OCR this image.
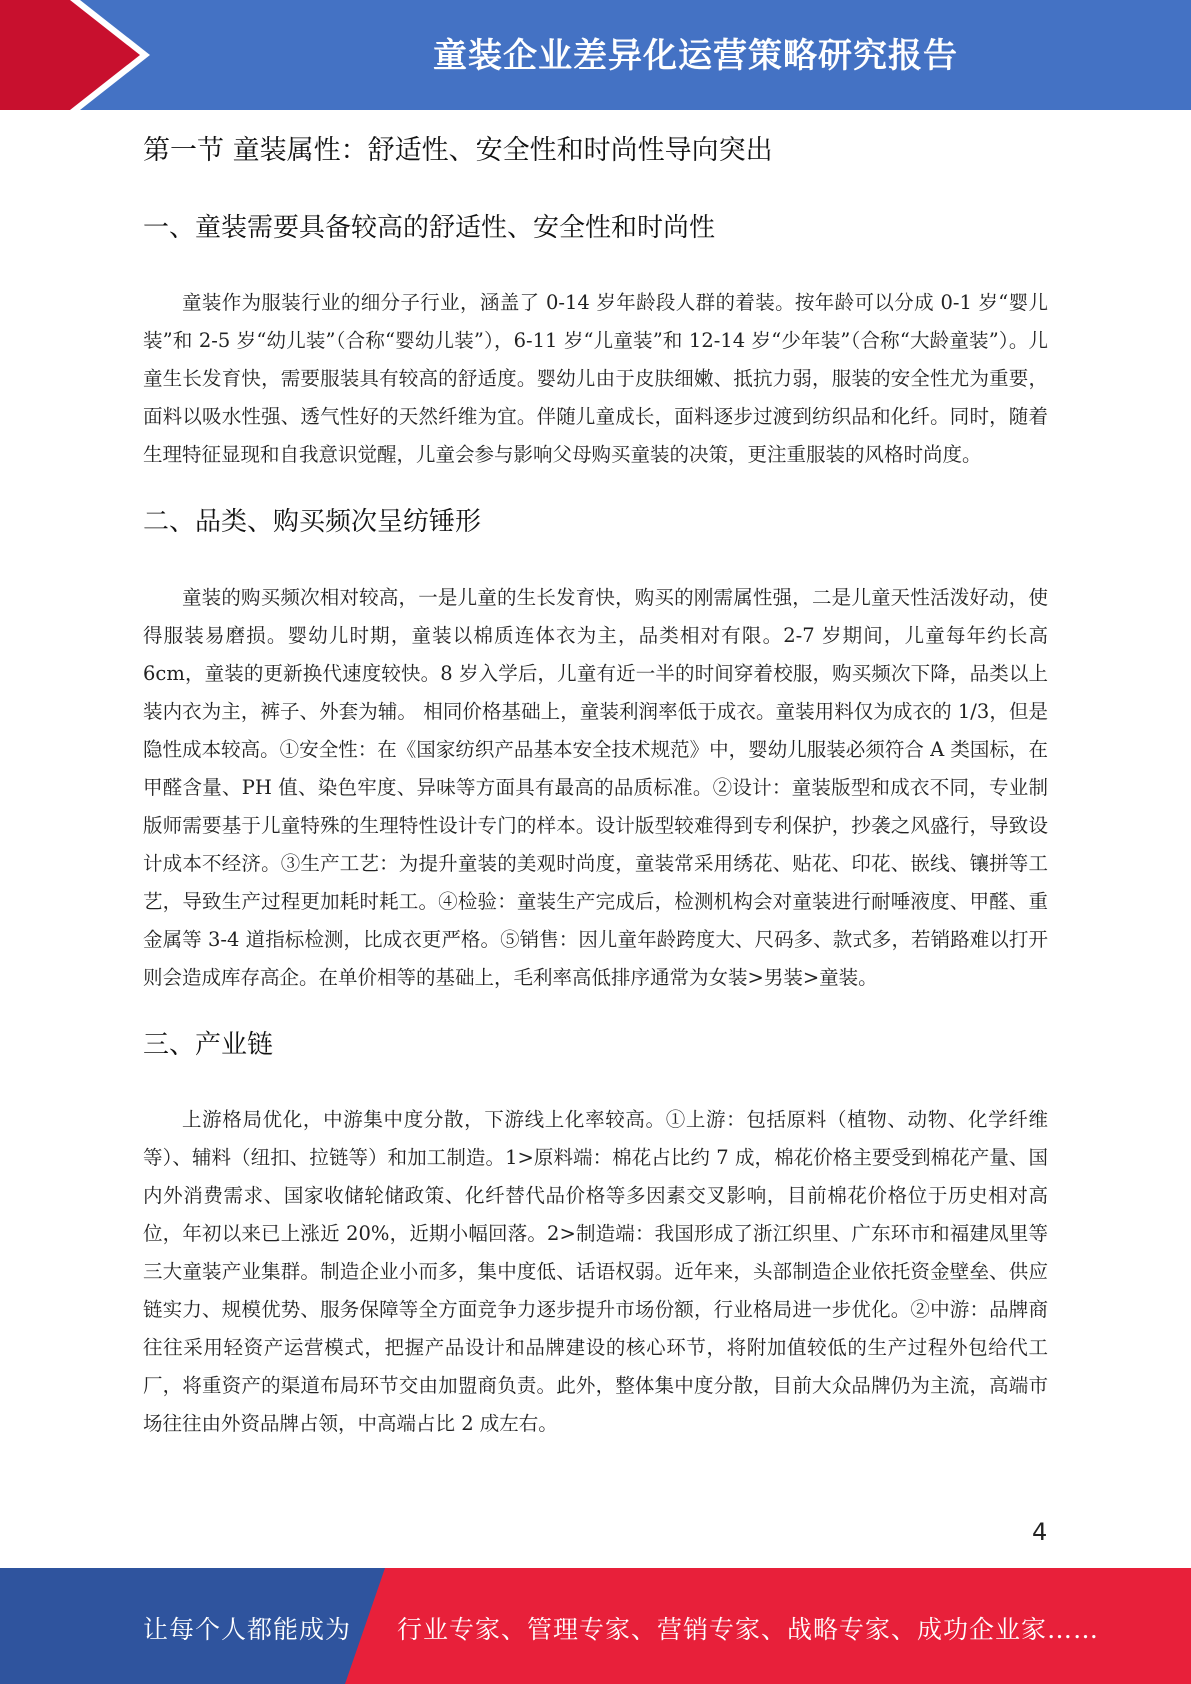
童装企业差异化运营策略研究报告
第一节 童装属性：舒适性、安全性和时尚性导向突出
一、童装需要具备较高的舒适性、安全性和时尚性

童装作为服装行业的细分子行业，涵盖了 0-14 岁年龄段人群的着装。按年龄可以分成 0-1 岁“婴儿装”和 2-5 岁“幼儿装”（合称“婴幼儿装”），6-11 岁“儿童装”和 12-14 岁“少年装”（合称“大龄童装”）。儿童生长发育快，需要服装具有较高的舒适度。婴幼儿由于皮肤细嫩、抵抗力弱，服装的安全性尤为重要，面料以吸水性强、透气性好的天然纤维为宜。伴随儿童成长，面料逐步过渡到纺织品和化纤。同时，随着生理特征显现和自我意识觉醒，儿童会参与影响父母购买童装的决策，更注重服装的风格时尚度。

二、品类、购买频次呈纺锤形

童装的购买频次相对较高，一是儿童的生长发育快，购买的刚需属性强，二是儿童天性活泼好动，使得服装易磨损。婴幼儿时期，童装以棉质连体衣为主，品类相对有限。2-7 岁期间，儿童每年约长高 6cm，童装的更新换代速度较快。8 岁入学后，儿童有近一半的时间穿着校服，购买频次下降，品类以上装内衣为主，裤子、外套为辅。 相同价格基础上，童装利润率低于成衣。童装用料仅为成衣的 1/3，但是隐性成本较高。①安全性：在《国家纺织产品基本安全技术规范》中，婴幼儿服装必须符合 A 类国标，在甲醛含量、PH 值、染色牢度、异味等方面具有最高的品质标准。②设计：童装版型和成衣不同，专业制版师需要基于儿童特殊的生理特性设计专门的样本。设计版型较难得到专利保护，抄袭之风盛行，导致设计成本不经济。③生产工艺：为提升童装的美观时尚度，童装常采用绣花、贴花、印花、嵌线、镶拼等工艺，导致生产过程更加耗时耗工。④检验：童装生产完成后，检测机构会对童装进行耐唾液度、甲醛、重金属等 3-4 道指标检测，比成衣更严格。⑤销售：因儿童年龄跨度大、尺码多、款式多，若销路难以打开则会造成库存高企。在单价相等的基础上，毛利率高低排序通常为女装>男装>童装。

三、产业链

上游格局优化，中游集中度分散，下游线上化率较高。①上游：包括原料（植物、动物、化学纤维等）、辅料（纽扣、拉链等）和加工制造。1>原料端：棉花占比约 7 成，棉花价格主要受到棉花产量、国内外消费需求、国家收储轮储政策、化纤替代品价格等多因素交叉影响，目前棉花价格位于历史相对高位，年初以来已上涨近 20%，近期小幅回落。2>制造端：我国形成了浙江织里、广东环市和福建凤里等三大童装产业集群。制造企业小而多，集中度低、话语权弱。近年来，头部制造企业依托资金壁垒、供应链实力、规模优势、服务保障等全方面竞争力逐步提升市场份额，行业格局进一步优化。②中游：品牌商往往采用轻资产运营模式，把握产品设计和品牌建设的核心环节，将附加值较低的生产过程外包给代工厂，将重资产的渠道布局环节交由加盟商负责。此外，整体集中度分散，目前大众品牌仍为主流，高端市场往往由外资品牌占领，中高端占比 2 成左右。

4
让每个人都能成为 行业专家、管理专家、营销专家、战略专家、成功企业家……
